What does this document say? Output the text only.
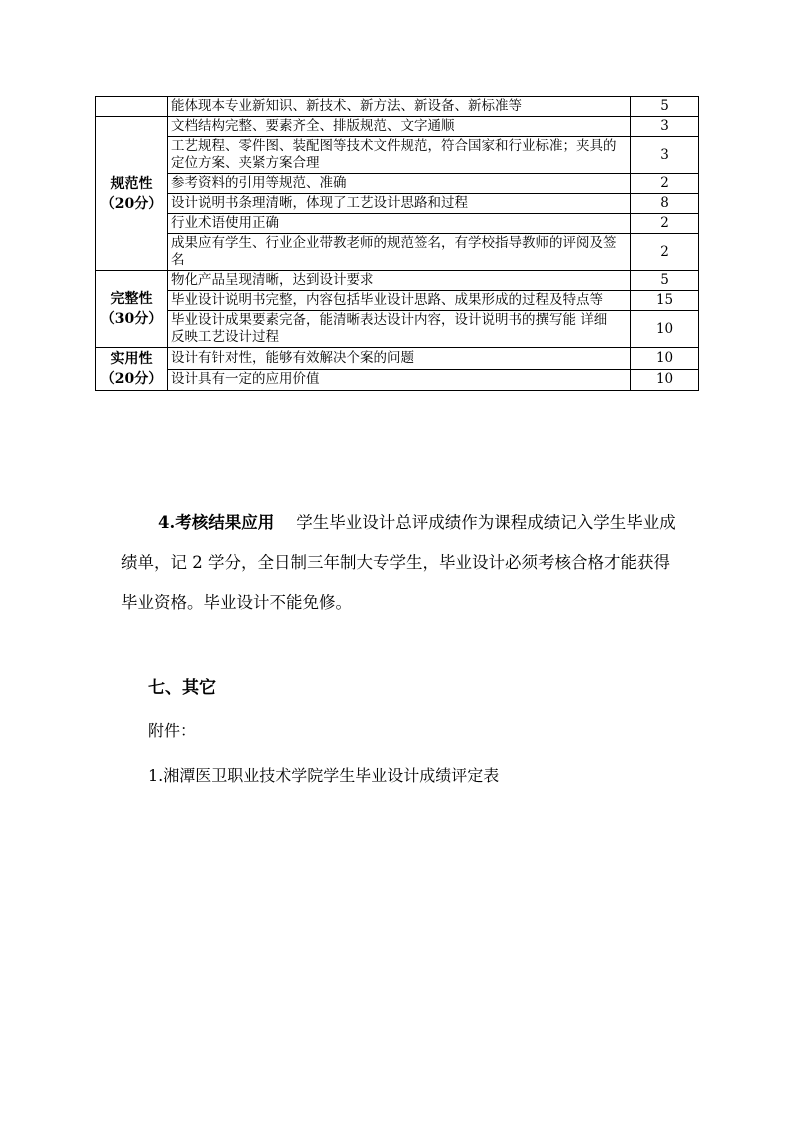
	能体现本专业新知识、新技术、新方法、新设备、新标准等	5

规范性
（20分）	文档结构完整、要素齐全、排版规范、文字通顺	3
	工艺规程、零件图、装配图等技术文件规范，符合国家和行业标准；夹具的定位方案、夹紧方案合理	3
	参考资料的引用等规范、准确	2
	设计说明书条理清晰，体现了工艺设计思路和过程	8
	行业术语使用正确	2
	成果应有学生、行业企业带教老师的规范签名，有学校指导教师的评阅及签名	2

完整性
（30分）	物化产品呈现清晰，达到设计要求	5
	毕业设计说明书完整，内容包括毕业设计思路、成果形成的过程及特点等	15

	毕业设计成果要素完备，能清晰表达设计内容，设计说明书的撰写能 详细
反映工艺设计过程	10

实用性
（20分）	设计有针对性，能够有效解决个案的问题	10
	设计具有一定的应用价值	10
4.考核结果应用 学生毕业设计总评成绩作为课程成绩记入学生毕业成绩单，记 2 学分，全日制三年制大专学生，毕业设计必须考核合格才能获得毕业资格。毕业设计不能免修。
七、其它
附件：
1.湘潭医卫职业技术学院学生毕业设计成绩评定表
